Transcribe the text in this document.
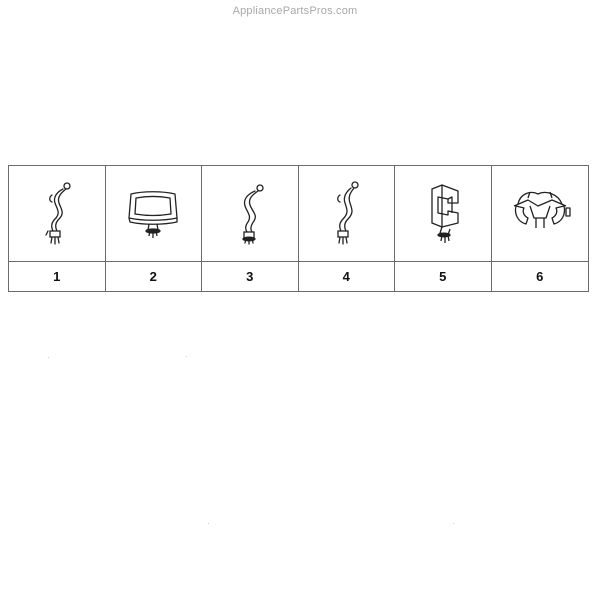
AppliancePartsPros.com
1	2	3	4	5	6
